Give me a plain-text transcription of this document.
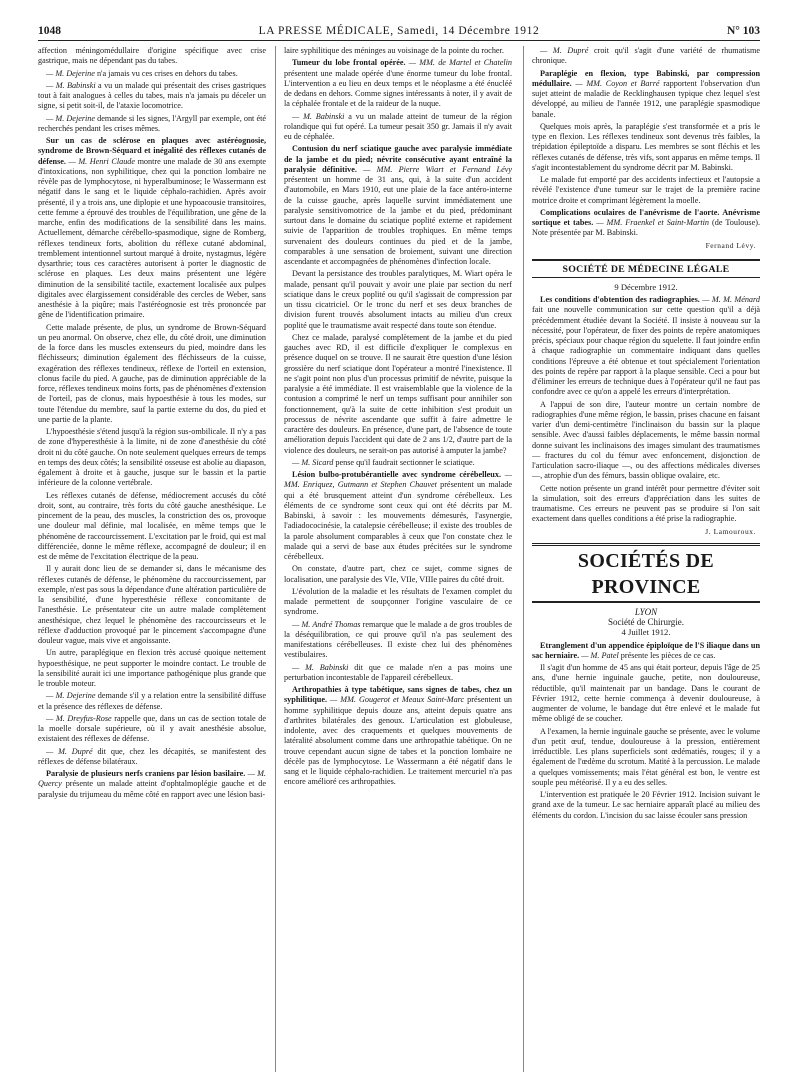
1048	LA PRESSE MÉDICALE, Samedi, 14 Décembre 1912	N° 103

affection méningomédullaire d'origine spécifique avec crise gastrique, mais ne dépendant pas du tabes.

— M. Dejerine n'a jamais vu ces crises en dehors du tabes.

— M. Babinski a vu un malade qui présentait des crises gastriques tout à fait analogues à celles du tabes, mais n'a jamais pu déceler un signe, si petit soit-il, de l'ataxie locomotrice.

— M. Dejerine demande si les signes, l'Argyll par exemple, ont été recherchés pendant les crises mêmes.

Sur un cas de sclérose en plaques avec astéréognosie, syndrome de Brown-Séquard et inégalité des réflexes cutanés de défense. — M. Henri Claude montre une malade de 30 ans exempte d'intoxications, non syphilitique, chez qui la ponction lombaire ne révèle pas de lymphocytose, ni hyperalbuminose; le Wassermann est négatif dans le sang et le liquide céphalo-rachidien. Après avoir présenté, il y a trois ans, une diplopie et une hypoacousie transitoires, cette femme a éprouvé des troubles de l'équilibration, une gêne de la marche, enfin des modifications de la sensibilité dans les mains. Actuellement, démarche cérébello-spasmodique, signe de Romberg, réflexes tendineux forts, abolition du réflexe cutané abdominal, tremblement intentionnel surtout marqué à droite, nystagmus, légère dysarthrie; tous ces caractères autorisent à porter le diagnostic de sclérose en plaques. Les deux mains présentent une légère diminution de la sensibilité tactile, exactement localisée aux pulpes digitales avec élargissement considérable des cercles de Weber, sans anesthésie à la piqûre; mais l'astéréognosie est très prononcée par gêne de l'identification primaire.

Cette malade présente, de plus, un syndrome de Brown-Séquard un peu anormal. On observe, chez elle, du côté droit, une diminution de la force dans les muscles extenseurs du pied, moindre dans les fléchisseurs; diminution également des fléchisseurs de la cuisse, exagération des réflexes tendineux, réflexe de l'orteil en extension, clonus facile du pied. A gauche, pas de diminution appréciable de la force, réflexes tendineux moins forts, pas de phénomènes d'extension de l'orteil, pas de clonus, mais hypoesthésie à tous les modes, sur toute l'étendue du membre, sauf la partie externe du dos, du pied et une partie de la plante.

L'hypoesthésie s'étend jusqu'à la région sus-ombilicale. Il n'y a pas de zone d'hyperesthésie à la limite, ni de zone d'anesthésie du côté droit ni du côté gauche. On note seulement quelques erreurs de temps en temps des deux côtés; la sensibilité osseuse est abolie au diapason, également à droite et à gauche, jusque sur le bassin et la partie inférieure de la colonne vertébrale.

Les réflexes cutanés de défense, médiocrement accusés du côté droit, sont, au contraire, très forts du côté gauche anesthésique. Le pincement de la peau, des muscles, la constriction des os, provoque une douleur mal définie, mal localisée, en même temps que le phénomène de raccourcissement. L'excitation par le froid, qui est mal différenciée, donne le même réflexe, accompagné de douleur; il en est de même de l'excitation électrique de la peau.

Il y aurait donc lieu de se demander si, dans le mécanisme des réflexes cutanés de défense, le phénomène du raccourcissement, par exemple, n'est pas sous la dépendance d'une altération particulière de la sensibilité, d'une hyperesthésie réflexe concomitante de l'anesthésie. Le présentateur cite un autre malade complètement anesthésique, chez lequel le phénomène des raccourcisseurs et le réflexe d'adduction provoqué par le pincement s'accompagne d'une douleur vague, mais vive et angoissante.

Un autre, paraplégique en flexion très accusé quoique nettement hypoesthésique, ne peut supporter le moindre contact. Le trouble de la sensibilité aurait ici une importance pathogénique plus grande que le trouble moteur.

— M. Dejerine demande s'il y a relation entre la sensibilité diffuse et la présence des réflexes de défense.

— M. Dreyfus-Rose rappelle que, dans un cas de section totale de la moelle dorsale supérieure, où il y avait anesthésie absolue, existaient des réflexes de défense.

— M. Dupré dit que, chez les décapités, se manifestent des réflexes de défense bilatéraux.

Paralysie de plusieurs nerfs craniens par lésion basilaire. — M. Quercy présente un malade atteint d'ophtalmoplégie gauche et de paralysie du trijumeau du même côté en rapport avec une lésion basi-

laire syphilitique des méninges au voisinage de la pointe du rocher.

Tumeur du lobe frontal opérée. — MM. de Martel et Chatelin présentent une malade opérée d'une énorme tumeur du lobe frontal. L'intervention a eu lieu en deux temps et le néoplasme a été énucléé de dedans en dehors. Comme signes intéressants à noter, il y avait de la céphalée frontale et de la raideur de la nuque.

— M. Babinski a vu un malade atteint de tumeur de la région rolandique qui fut opéré. La tumeur pesait 350 gr. Jamais il n'y avait eu de céphalée.

Contusion du nerf sciatique gauche avec paralysie immédiate de la jambe et du pied; névrite consécutive ayant entraîné la paralysie définitive. — MM. Pierre Wiart et Fernand Lévy présentent un homme de 31 ans, qui, à la suite d'un accident d'automobile, en Mars 1910, eut une plaie de la face antéro-interne de la cuisse gauche, après laquelle survint immédiatement une paralysie sensitivomotrice de la jambe et du pied, prédominant surtout dans le domaine du sciatique poplité externe et rapidement suivie de l'apparition de troubles trophiques. En même temps survenaient des douleurs continues du pied et de la jambe, comparables à une sensation de broiement, suivant une direction ascendante et accompagnées de phénomènes d'infection locale.

Devant la persistance des troubles paralytiques, M. Wiart opéra le malade, pensant qu'il pouvait y avoir une plaie par section du nerf sciatique dans le creux poplité ou qu'il s'agissait de compression par un tissu cicatriciel. Or le tronc du nerf et ses deux branches de division furent trouvés absolument intacts au milieu d'un creux poplité que le traumatisme avait respecté dans toute son étendue.

Chez ce malade, paralysé complètement de la jambe et du pied gauches avec RD, il est difficile d'expliquer le complexus en présence duquel on se trouve. Il ne saurait être question d'une lésion grossière du nerf sciatique dont l'opérateur a montré l'inexistence. Il ne s'agit point non plus d'un processus primitif de névrite, puisque la paralysie a été immédiate. Il est vraisemblable que la violence de la contusion a comprimé le nerf un temps suffisant pour annihiler son fonctionnement, qu'à la suite de cette inhibition s'est produit un processus de névrite ascendante que suffit à faire admettre le caractère des douleurs. En présence, d'une part, de l'absence de toute amélioration depuis l'accident qui date de 2 ans 1/2, d'autre part de la violence des douleurs, ne serait-on pas autorisé à amputer la jambe?

— M. Sicard pense qu'il faudrait sectionner le sciatique.

Lésion bulbo-protubérantielle avec syndrome cérébelleux. — MM. Enriquez, Gutmann et Stephen Chauvet présentent un malade qui a été brusquement atteint d'un syndrome cérébelleux. Les éléments de ce syndrome sont ceux qui ont été décrits par M. Babinski, à savoir : les mouvements démesurés, l'asynergie, l'adiadococinésie, la catalepsie cérébelleuse; il existe des troubles de la parole absolument comparables à ceux que l'on constate chez le malade qui a servi de base aux études précitées sur le syndrome cérébelleux.

On constate, d'autre part, chez ce sujet, comme signes de localisation, une paralysie des VIe, VIIe, VIIIe paires du côté droit.

L'évolution de la maladie et les résultats de l'examen complet du malade permettent de soupçonner l'origine vasculaire de ce syndrome.

— M. André Thomas remarque que le malade a de gros troubles de la déséquilibration, ce qui prouve qu'il n'a pas seulement des manifestations cérébelleuses. Il existe chez lui des phénomènes vestibulaires.

— M. Babinski dit que ce malade n'en a pas moins une perturbation incontestable de l'appareil cérébelleux.

Arthropathies à type tabétique, sans signes de tabes, chez un syphilitique. — MM. Gougerot et Meaux Saint-Marc présentent un homme syphilitique depuis douze ans, atteint depuis quatre ans d'arthrites bilatérales des genoux. L'articulation est globuleuse, indolente, avec des craquements et quelques mouvements de latéralité absolument comme dans une arthropathie tabétique. On ne trouve cependant aucun signe de tabes et la ponction lombaire ne décèle pas de lymphocytose. Le Wassermann a été négatif dans le sang et le liquide céphalo-rachidien. Le traitement mercuriel n'a pas encore amélioré ces arthropathies.

— M. Dupré croit qu'il s'agit d'une variété de rhumatisme chronique.

Paraplégie en flexion, type Babinski, par compression médullaire. — MM. Coyon et Barré rapportent l'observation d'un sujet atteint de maladie de Recklinghausen typique chez lequel s'est développé, au milieu de l'année 1912, une paraplégie spasmodique banale.

Quelques mois après, la paraplégie s'est transformée et a pris le type en flexion. Les réflexes tendineux sont devenus très faibles, la trépidation épileptoïde a disparu. Les membres se sont fléchis et les réflexes cutanés de défense, très vifs, sont apparus en même temps. Il s'agit incontestablement du syndrome décrit par M. Babinski.

Le malade fut emporté par des accidents infectieux et l'autopsie a révélé l'existence d'une tumeur sur le trajet de la première racine motrice droite et comprimant légèrement la moelle.

Complications oculaires de l'anévrisme de l'aorte. Anévrisme sortique et tabes. — MM. Fraenkel et Saint-Martin (de Toulouse). Note présentée par M. Babinski.

Fernand Lévy.
SOCIÉTÉ DE MÉDECINE LÉGALE
9 Décembre 1912.

Les conditions d'obtention des radiographies. — M. M. Ménard fait une nouvelle communication sur cette question qu'il a déjà précédemment étudiée devant la Société. Il insiste à nouveau sur la nécessité, pour l'opérateur, de fixer des points de repère anatomiques précis, spéciaux pour chaque région du squelette. Il faut joindre enfin à chaque radiographie un commentaire indiquant dans quelles conditions l'épreuve a été obtenue et tout spécialement l'orientation des points de repère par rapport à la plaque sensible. Ceci a pour but d'éliminer les erreurs de technique dues à l'opérateur qu'il ne faut pas confondre avec ce qu'on a appelé les erreurs d'interprétation.

A l'appui de son dire, l'auteur montre un certain nombre de radiographies d'une même région, le bassin, prises chacune en faisant varier d'un demi-centimètre l'inclinaison du bassin sur la plaque sensible. Avec d'aussi faibles déplacements, le même bassin normal donne suivant les inclinaisons des images simulant des traumatismes — fractures du col du fémur avec enfoncement, disjonction de l'articulation sacro-iliaque —, ou des affections médicales diverses—, atrophie d'un des fémurs, bassin oblique ovalaire, etc.

Cette notion présente un grand intérêt pour permettre d'éviter soit la simulation, soit des erreurs d'appréciation dans les suites de traumatisme. Ces erreurs ne peuvent pas se produire si l'on sait exactement dans quelles conditions a été prise la radiographie.

J. Lamouroux.
SOCIÉTÉS DE PROVINCE
LYON
Société de Chirurgie.
4 Juillet 1912.

Etranglement d'un appendice épiploïque de l'S iliaque dans un sac herniaire. — M. Patel présente les pièces de ce cas.

Il s'agit d'un homme de 45 ans qui était porteur, depuis l'âge de 25 ans, d'une hernie inguinale gauche, petite, non douloureuse, réductible, qu'il maintenait par un bandage. Dans le courant de Février 1912, cette hernie commença à devenir douloureuse, à augmenter de volume, le bandage dut être enlevé et le malade fut même obligé de se coucher.

A l'examen, la hernie inguinale gauche se présente, avec le volume d'un petit œuf, tendue, douloureuse à la pression, entièrement irréductible. Les plans superficiels sont œdématiés, rouges; il y a également de l'œdème du scrotum. Matité à la percussion. Le malade a quelques vomissements; mais l'état général est bon, le ventre est souple peu météorisé. Il y a eu des selles.

L'intervention est pratiquée le 20 Février 1912. Incision suivant le grand axe de la tumeur. Le sac herniaire apparaît placé au milieu des éléments du cordon. L'incision du sac laisse écouler sans pression
